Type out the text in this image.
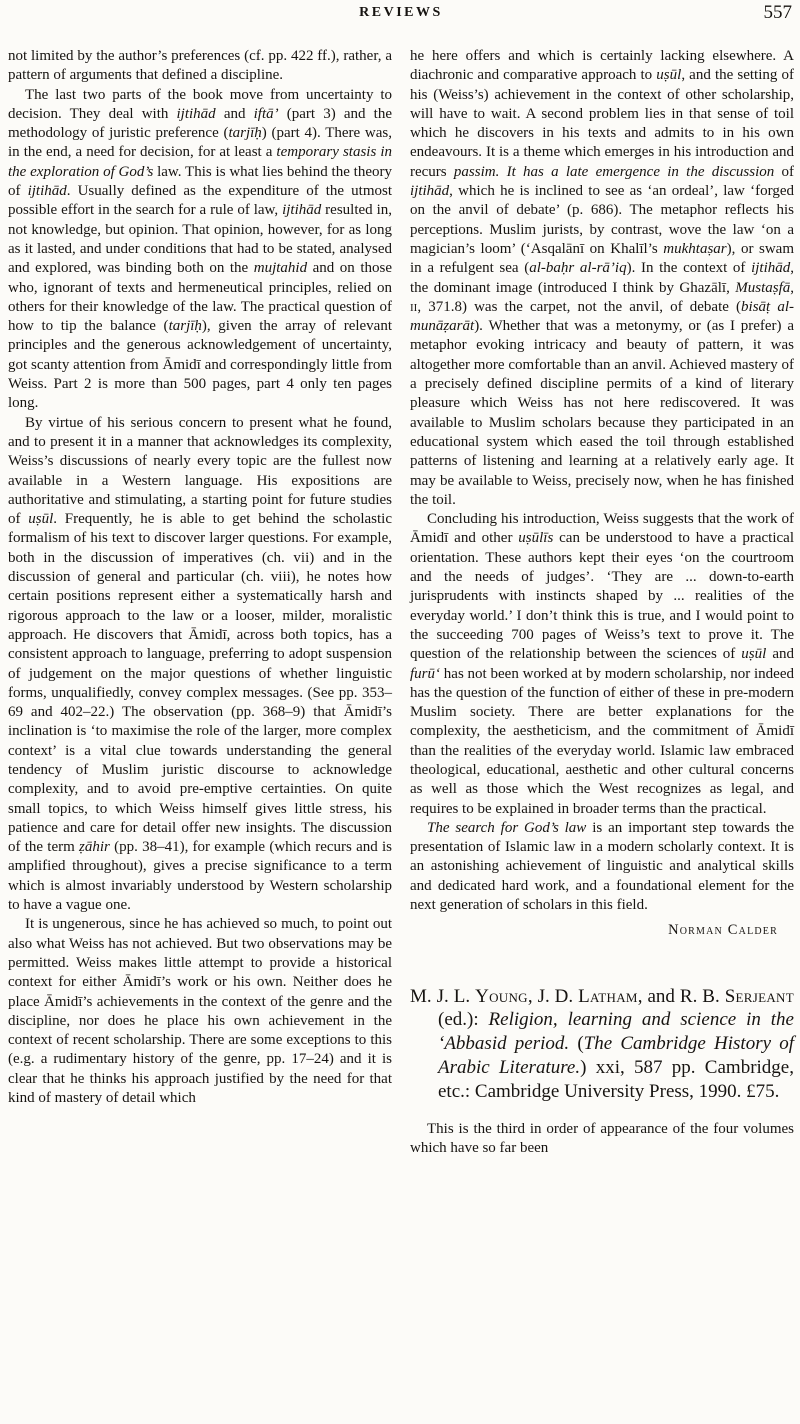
REVIEWS	557

not limited by the author’s preferences (cf. pp. 422 ff.), rather, a pattern of arguments that defined a discipline.

The last two parts of the book move from uncertainty to decision. They deal with ijtihād and iftā’ (part 3) and the methodology of juristic preference (tarjīḥ) (part 4). There was, in the end, a need for decision, for at least a temporary stasis in the exploration of God’s law. This is what lies behind the theory of ijtihād. Usually defined as the expenditure of the utmost possible effort in the search for a rule of law, ijtihād resulted in, not knowledge, but opinion. That opinion, however, for as long as it lasted, and under conditions that had to be stated, analysed and explored, was binding both on the mujtahid and on those who, ignorant of texts and hermeneutical principles, relied on others for their knowledge of the law. The practical question of how to tip the balance (tarjīḥ), given the array of relevant principles and the generous acknowledgement of uncertainty, got scanty attention from Āmidī and correspondingly little from Weiss. Part 2 is more than 500 pages, part 4 only ten pages long.

By virtue of his serious concern to present what he found, and to present it in a manner that acknowledges its complexity, Weiss’s discussions of nearly every topic are the fullest now available in a Western language. His expositions are authoritative and stimulating, a starting point for future studies of uṣūl. Frequently, he is able to get behind the scholastic formalism of his text to discover larger questions. For example, both in the discussion of imperatives (ch. vii) and in the discussion of general and particular (ch. viii), he notes how certain positions represent either a systematically harsh and rigorous approach to the law or a looser, milder, moralistic approach. He discovers that Āmidī, across both topics, has a consistent approach to language, preferring to adopt suspension of judgement on the major questions of whether linguistic forms, unqualifiedly, convey complex messages. (See pp. 353–69 and 402–22.) The observation (pp. 368–9) that Āmidī’s inclination is ‘to maximise the role of the larger, more complex context’ is a vital clue towards understanding the general tendency of Muslim juristic discourse to acknowledge complexity, and to avoid pre-emptive certainties. On quite small topics, to which Weiss himself gives little stress, his patience and care for detail offer new insights. The discussion of the term ẓāhir (pp. 38–41), for example (which recurs and is amplified throughout), gives a precise significance to a term which is almost invariably understood by Western scholarship to have a vague one.

It is ungenerous, since he has achieved so much, to point out also what Weiss has not achieved. But two observations may be permitted. Weiss makes little attempt to provide a historical context for either Āmidī’s work or his own. Neither does he place Āmidī’s achievements in the context of the genre and the discipline, nor does he place his own achievement in the context of recent scholarship. There are some exceptions to this (e.g. a rudimentary history of the genre, pp. 17–24) and it is clear that he thinks his approach justified by the need for that kind of mastery of detail which

he here offers and which is certainly lacking elsewhere. A diachronic and comparative approach to uṣūl, and the setting of his (Weiss’s) achievement in the context of other scholarship, will have to wait. A second problem lies in that sense of toil which he discovers in his texts and admits to in his own endeavours. It is a theme which emerges in his introduction and recurs passim. It has a late emergence in the discussion of ijtihād, which he is inclined to see as ‘an ordeal’, law ‘forged on the anvil of debate’ (p. 686). The metaphor reflects his perceptions. Muslim jurists, by contrast, wove the law ‘on a magician’s loom’ (‘Asqalānī on Khalīl’s mukhtaṣar), or swam in a refulgent sea (al-baḥr al-rā’iq). In the context of ijtihād, the dominant image (introduced I think by Ghazālī, Mustaṣfā, ii, 371.8) was the carpet, not the anvil, of debate (bisāṭ al-munāẓarāt). Whether that was a metonymy, or (as I prefer) a metaphor evoking intricacy and beauty of pattern, it was altogether more comfortable than an anvil. Achieved mastery of a precisely defined discipline permits of a kind of literary pleasure which Weiss has not here rediscovered. It was available to Muslim scholars because they participated in an educational system which eased the toil through established patterns of listening and learning at a relatively early age. It may be available to Weiss, precisely now, when he has finished the toil.

Concluding his introduction, Weiss suggests that the work of Āmidī and other uṣūlīs can be understood to have a practical orientation. These authors kept their eyes ‘on the courtroom and the needs of judges’. ‘They are ... down-to-earth jurisprudents with instincts shaped by ... realities of the everyday world.’ I don’t think this is true, and I would point to the succeeding 700 pages of Weiss’s text to prove it. The question of the relationship between the sciences of uṣūl and furū‘ has not been worked at by modern scholarship, nor indeed has the question of the function of either of these in pre-modern Muslim society. There are better explanations for the complexity, the aestheticism, and the commitment of Āmidī than the realities of the everyday world. Islamic law embraced theological, educational, aesthetic and other cultural concerns as well as those which the West recognizes as legal, and requires to be explained in broader terms than the practical.

The search for God’s law is an important step towards the presentation of Islamic law in a modern scholarly context. It is an astonishing achievement of linguistic and analytical skills and dedicated hard work, and a foundational element for the next generation of scholars in this field.

Norman Calder
M. J. L. Young, J. D. Latham, and R. B. Serjeant (ed.): Religion, learning and science in the ‘Abbasid period. (The Cambridge History of Arabic Literature.) xxi, 587 pp. Cambridge, etc.: Cambridge University Press, 1990. £75.

This is the third in order of appearance of the four volumes which have so far been
